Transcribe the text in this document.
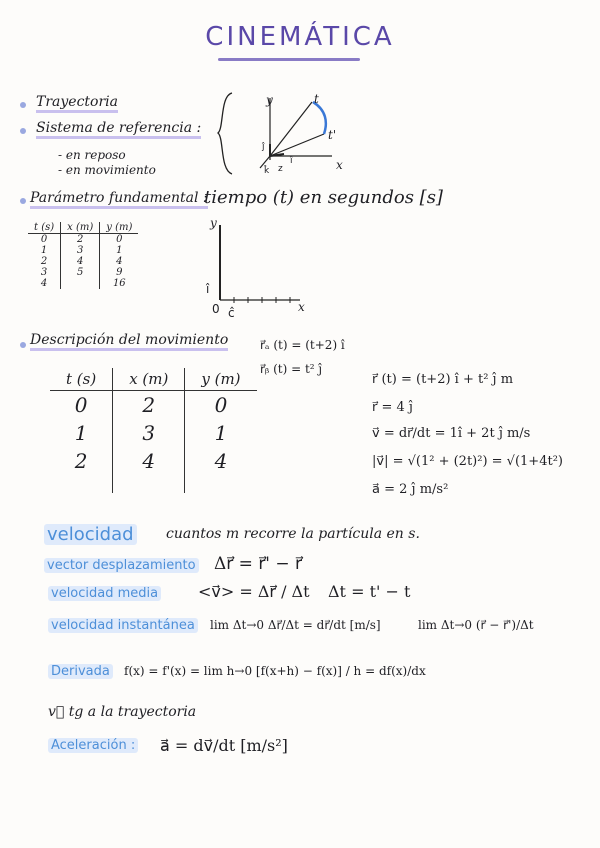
CINEMÁTICA
Trayectoria
Sistema de referencia :
- en reposo
- en movimiento
y
x
t
t'
ĵ
î
k̂ z
Parámetro fundamental :
tiempo (t) en segundos [s]
t (s)	x (m)	y (m)
0	2	0
1	3	1
2	4	4
3	5	9
4		16
y
x
0
î
ĉ
Descripción del movimiento	r⃗ₐ (t) = (t+2) î
r⃗ᵦ (t) = t² ĵ
t (s)	x (m)	y (m)
0	2	0
1	3	1
2	4	4
r⃗ (t) = (t+2) î + t² ĵ m
r⃗ = 4 ĵ
v⃗ = dr⃗/dt = 1î + 2t ĵ m/s
|v⃗| = √(1² + (2t)²) = √(1+4t²)
a⃗ = 2 ĵ m/s²
velocidad cuantos m recorre la partícula en s.
vector desplazamiento Δr⃗ = r⃗' − r⃗
velocidad media <v⃗> = Δr⃗ / Δt Δt = t' − t
velocidad instantánea lim Δt→0 Δr⃗/Δt = dr⃗/dt [m/s]	lim Δt→0 (r⃗ − r⃗')/Δt
Derivada f(x) = f'(x) = lim h→0 [f(x+h) − f(x)] / h = df(x)/dx
v⃗ tg a la trayectoria
Aceleración : a⃗ = dv⃗/dt [m/s²]
